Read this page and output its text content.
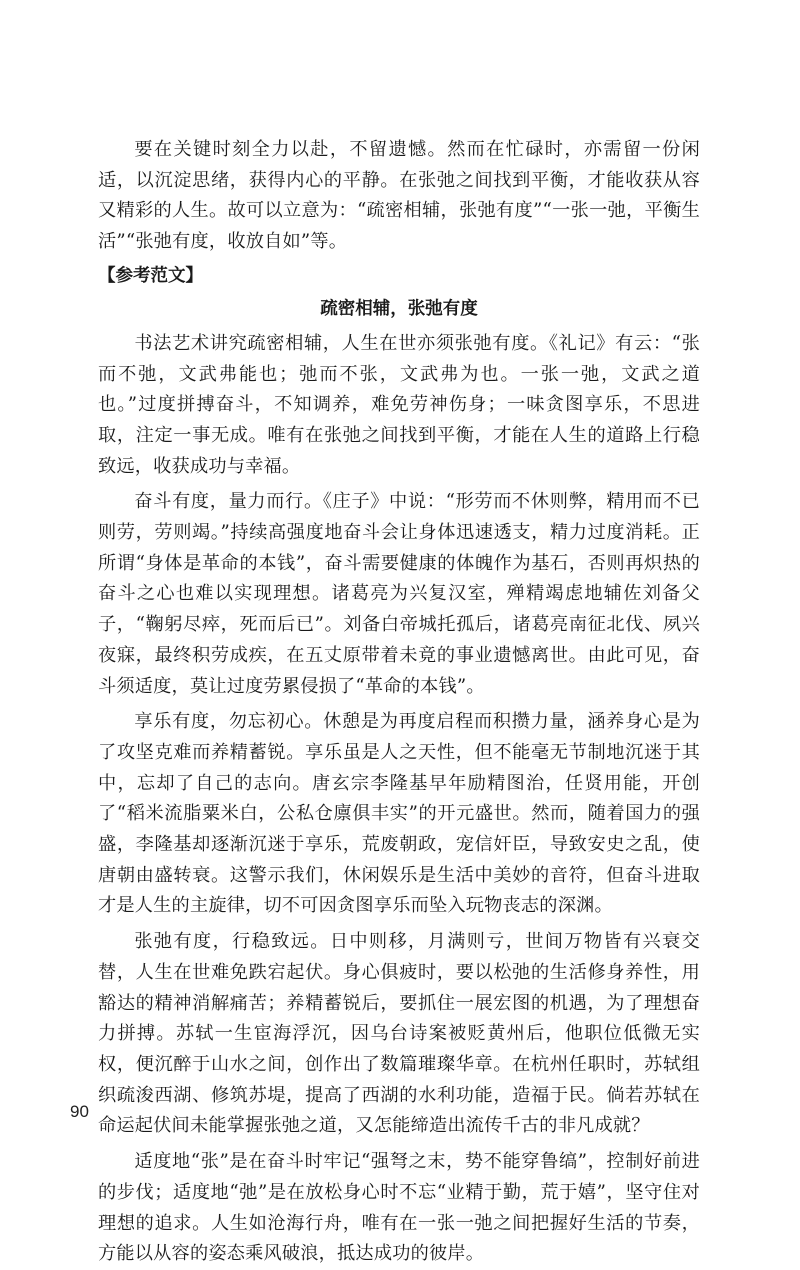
要在关键时刻全力以赴，不留遗憾。然而在忙碌时，亦需留一份闲适，以沉淀思绪，获得内心的平静。在张弛之间找到平衡，才能收获从容又精彩的人生。故可以立意为：“疏密相辅，张弛有度”“一张一弛，平衡生活”“张弛有度，收放自如”等。

【参考范文】

疏密相辅，张弛有度

书法艺术讲究疏密相辅，人生在世亦须张弛有度。《礼记》有云：“张而不弛，文武弗能也；弛而不张，文武弗为也。一张一弛，文武之道也。”过度拼搏奋斗，不知调养，难免劳神伤身；一味贪图享乐，不思进取，注定一事无成。唯有在张弛之间找到平衡，才能在人生的道路上行稳致远，收获成功与幸福。

奋斗有度，量力而行。《庄子》中说：“形劳而不休则弊，精用而不已则劳，劳则竭。”持续高强度地奋斗会让身体迅速透支，精力过度消耗。正所谓“身体是革命的本钱”，奋斗需要健康的体魄作为基石，否则再炽热的奋斗之心也难以实现理想。诸葛亮为兴复汉室，殚精竭虑地辅佐刘备父子，“鞠躬尽瘁，死而后已”。刘备白帝城托孤后，诸葛亮南征北伐、夙兴夜寐，最终积劳成疾，在五丈原带着未竟的事业遗憾离世。由此可见，奋斗须适度，莫让过度劳累侵损了“革命的本钱”。

享乐有度，勿忘初心。休憩是为再度启程而积攒力量，涵养身心是为了攻坚克难而养精蓄锐。享乐虽是人之天性，但不能毫无节制地沉迷于其中，忘却了自己的志向。唐玄宗李隆基早年励精图治，任贤用能，开创了“稻米流脂粟米白，公私仓廪俱丰实”的开元盛世。然而，随着国力的强盛，李隆基却逐渐沉迷于享乐，荒废朝政，宠信奸臣，导致安史之乱，使唐朝由盛转衰。这警示我们，休闲娱乐是生活中美妙的音符，但奋斗进取才是人生的主旋律，切不可因贪图享乐而坠入玩物丧志的深渊。

张弛有度，行稳致远。日中则移，月满则亏，世间万物皆有兴衰交替，人生在世难免跌宕起伏。身心俱疲时，要以松弛的生活修身养性，用豁达的精神消解痛苦；养精蓄锐后，要抓住一展宏图的机遇，为了理想奋力拼搏。苏轼一生宦海浮沉，因乌台诗案被贬黄州后，他职位低微无实权，便沉醉于山水之间，创作出了数篇璀璨华章。在杭州任职时，苏轼组织疏浚西湖、修筑苏堤，提高了西湖的水利功能，造福于民。倘若苏轼在命运起伏间未能掌握张弛之道，又怎能缔造出流传千古的非凡成就？

适度地“张”是在奋斗时牢记“强弩之末，势不能穿鲁缟”，控制好前进的步伐；适度地“弛”是在放松身心时不忘“业精于勤，荒于嬉”，坚守住对理想的追求。人生如沧海行舟，唯有在一张一弛之间把握好生活的节奏，方能以从容的姿态乘风破浪，抵达成功的彼岸。

90
